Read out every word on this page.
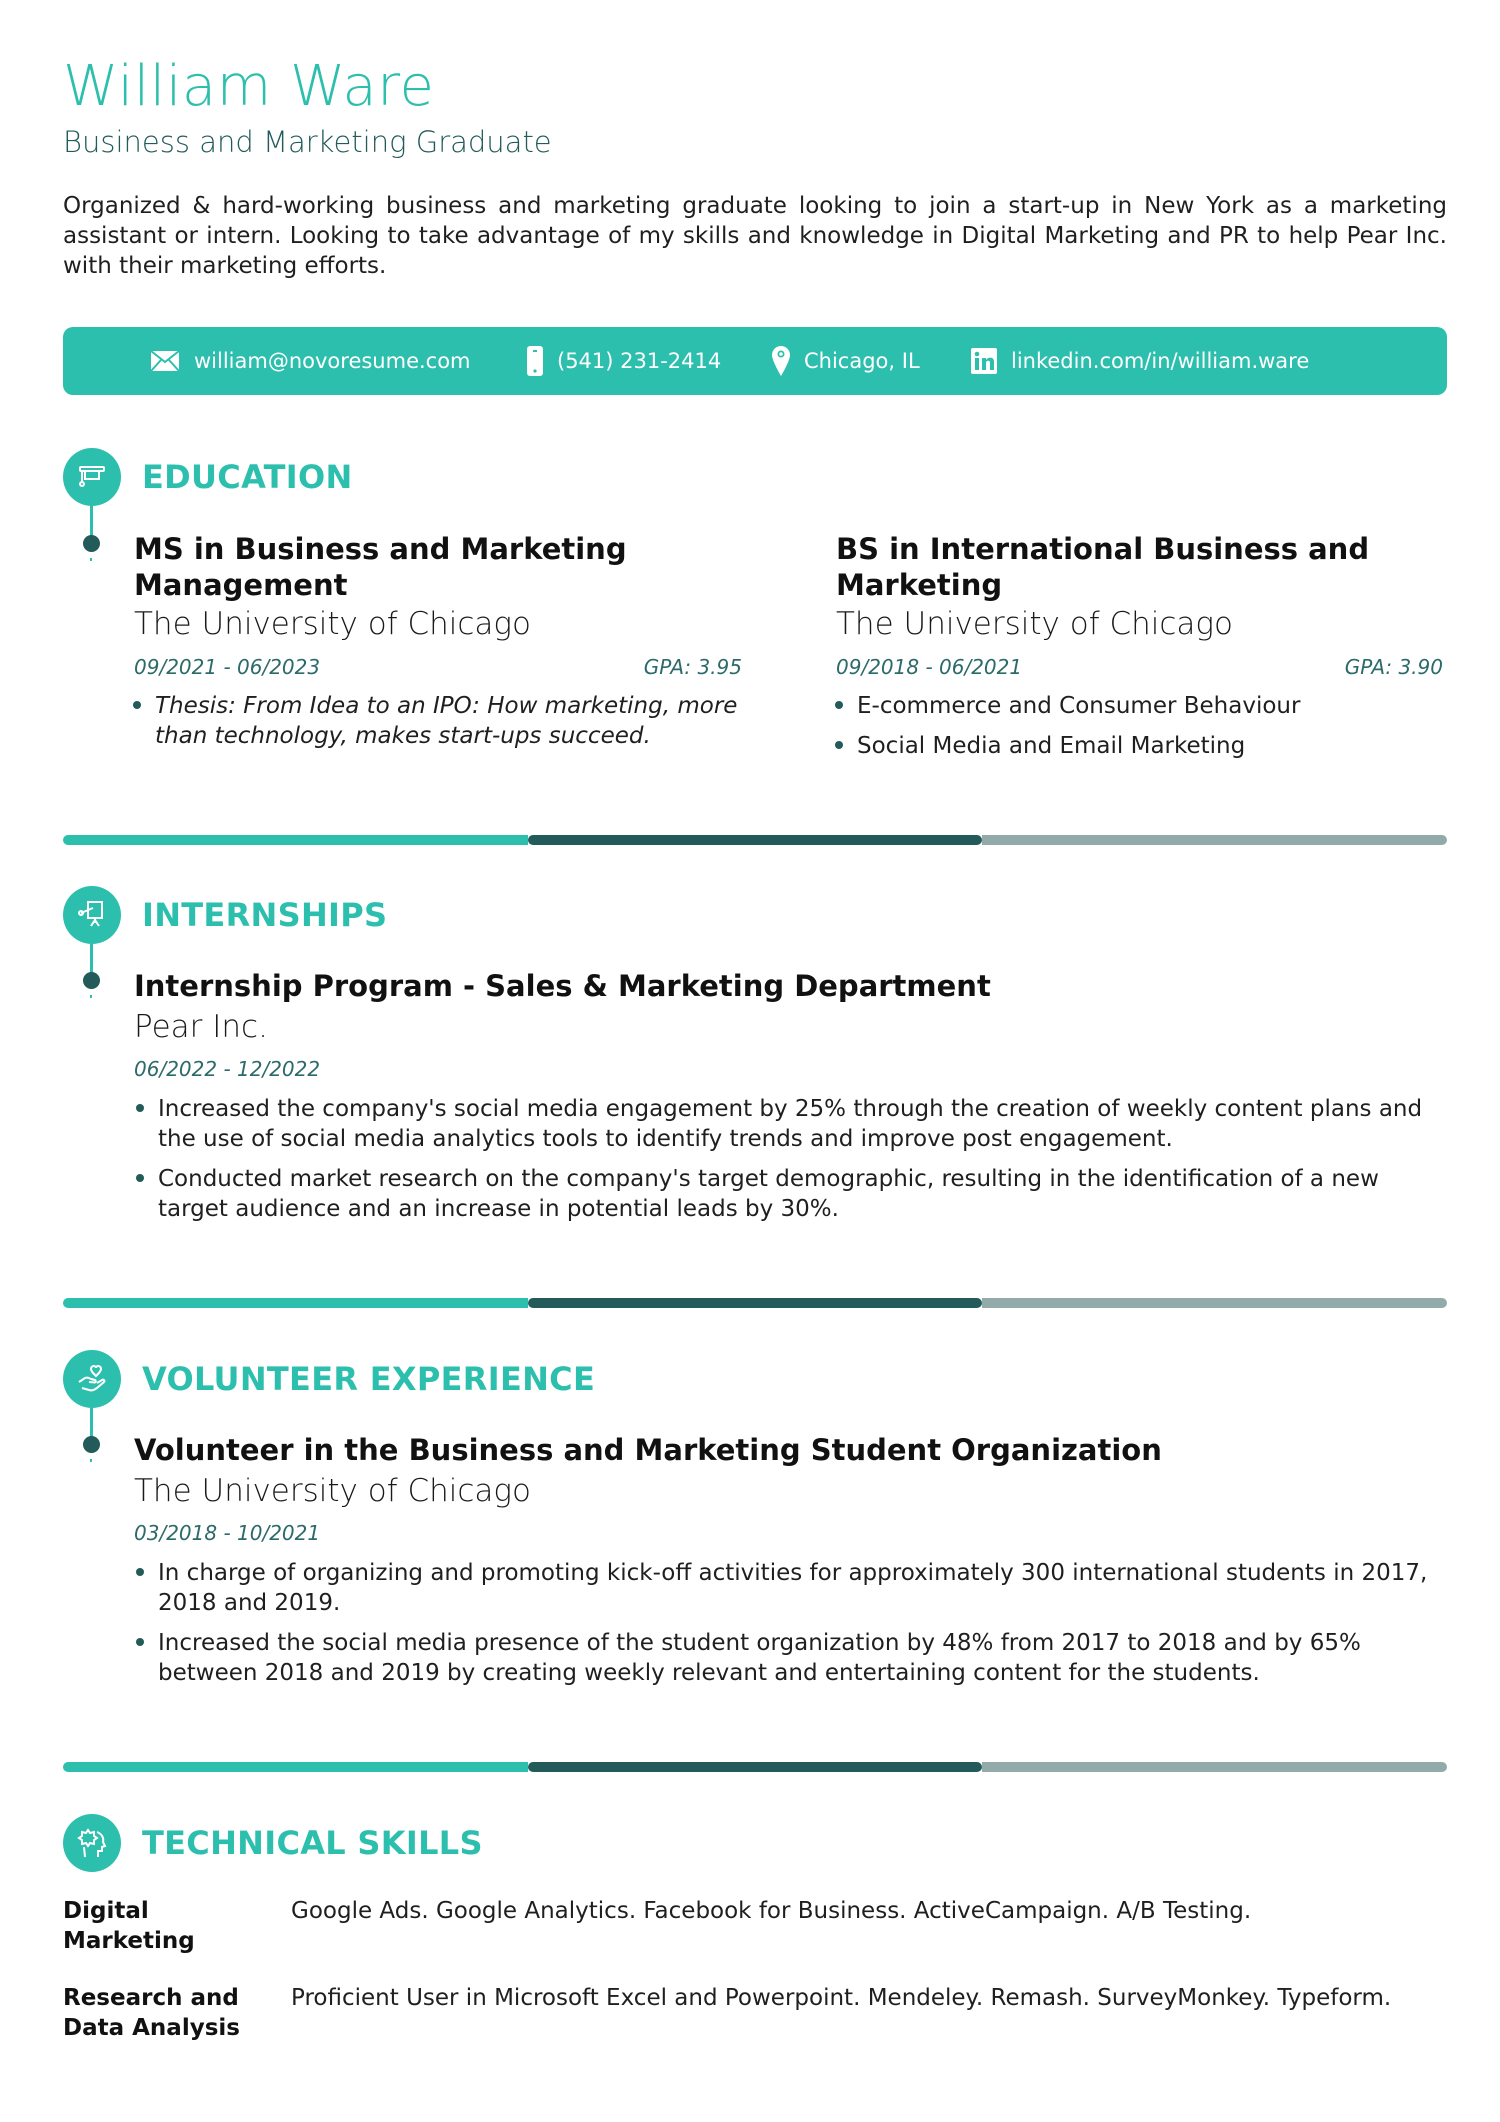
William Ware
Business and Marketing Graduate
Organized & hard-working business and marketing graduate looking to join a start-up in New York as a marketing assistant or intern. Looking to take advantage of my skills and knowledge in Digital Marketing and PR to help Pear Inc. with their marketing efforts.
william@novoresume.com	(541) 231-2414	Chicago, IL	linkedin.com/in/william.ware
EDUCATION
MS in Business and Marketing
Management
The University of Chicago
09/2021 - 06/2023	GPA: 3.95
Thesis: From Idea to an IPO: How marketing, more than technology, makes start-ups succeed.
BS in International Business and
Marketing
The University of Chicago
09/2018 - 06/2021	GPA: 3.90
E-commerce and Consumer Behaviour
Social Media and Email Marketing
INTERNSHIPS
Internship Program - Sales & Marketing Department
Pear Inc.
06/2022 - 12/2022
Increased the company's social media engagement by 25% through the creation of weekly content plans and the use of social media analytics tools to identify trends and improve post engagement.
Conducted market research on the company's target demographic, resulting in the identification of a new target audience and an increase in potential leads by 30%.
VOLUNTEER EXPERIENCE
Volunteer in the Business and Marketing Student Organization
The University of Chicago
03/2018 - 10/2021
In charge of organizing and promoting kick-off activities for approximately 300 international students in 2017, 2018 and 2019.
Increased the social media presence of the student organization by 48% from 2017 to 2018 and by 65% between 2018 and 2019 by creating weekly relevant and entertaining content for the students.
TECHNICAL SKILLS
Digital
Marketing
Google Ads. Google Analytics. Facebook for Business. ActiveCampaign. A/B Testing.
Research and
Data Analysis
Proficient User in Microsoft Excel and Powerpoint. Mendeley. Remash. SurveyMonkey. Typeform.
